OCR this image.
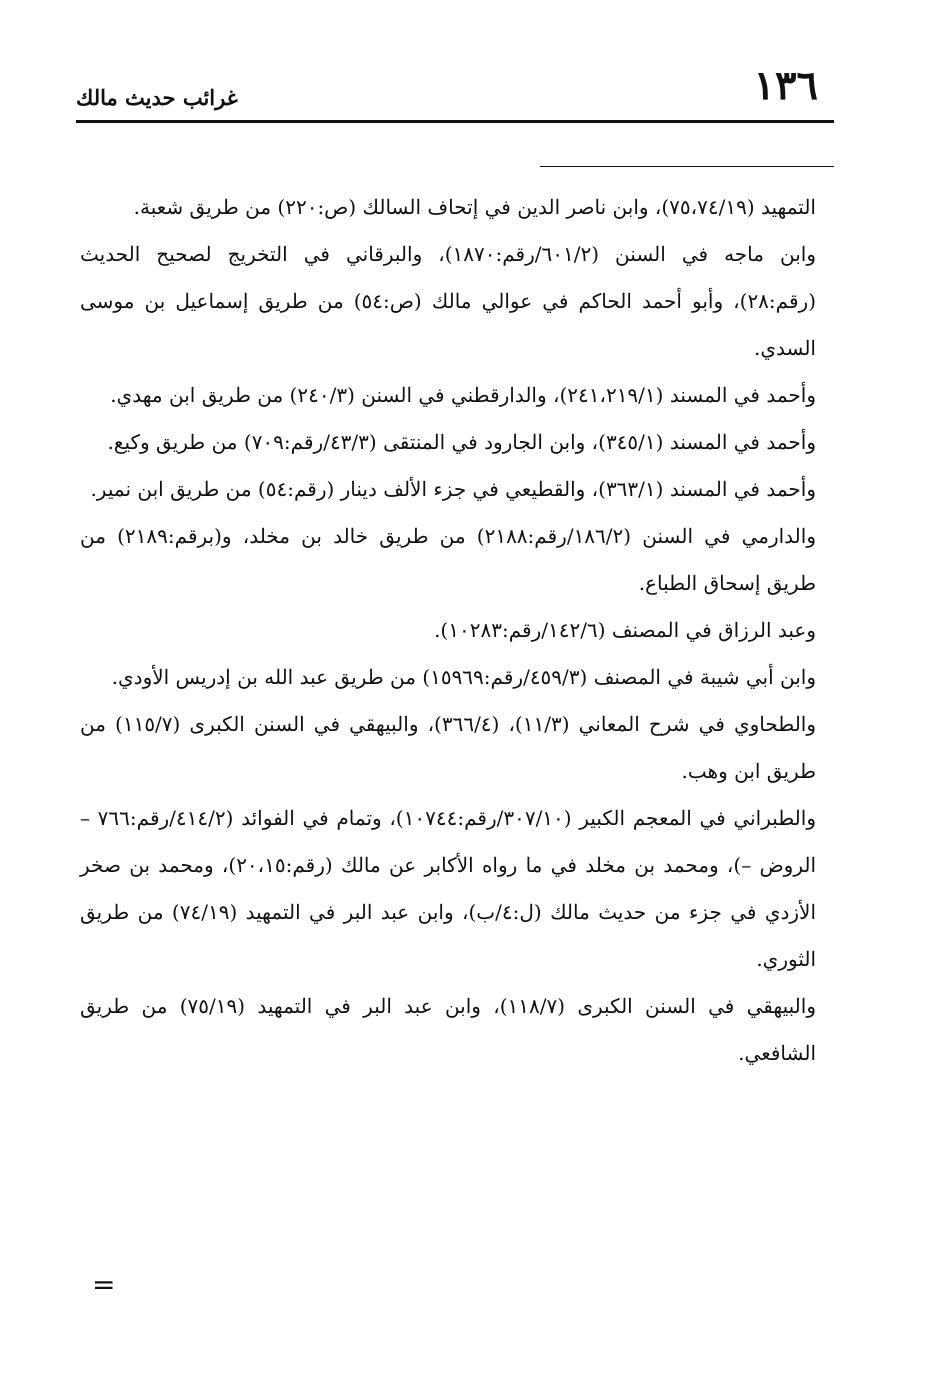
١٣٦
غرائب حديث مالك

التمهيد (٧٥،٧٤/١٩)، وابن ناصر الدين في إتحاف السالك (ص:٢٢٠) من طريق شعبة.

وابن ماجه في السنن (٦٠١/٢/رقم:١٨٧٠)، والبرقاني في التخريج لصحيح الحديث (رقم:٢٨)، وأبو أحمد الحاكم في عوالي مالك (ص:٥٤) من طريق إسماعيل بن موسى السدي.

وأحمد في المسند (٢٤١،٢١٩/١)، والدارقطني في السنن (٢٤٠/٣) من طريق ابن مهدي.

وأحمد في المسند (٣٤٥/١)، وابن الجارود في المنتقى (٤٣/٣/رقم:٧٠٩) من طريق وكيع.

وأحمد في المسند (٣٦٣/١)، والقطيعي في جزء الألف دينار (رقم:٥٤) من طريق ابن نمير.

والدارمي في السنن (١٨٦/٢/رقم:٢١٨٨) من طريق خالد بن مخلد، و(برقم:٢١٨٩) من طريق إسحاق الطباع.

وعبد الرزاق في المصنف (١٤٢/٦/رقم:١٠٢٨٣).

وابن أبي شيبة في المصنف (٤٥٩/٣/رقم:١٥٩٦٩) من طريق عبد الله بن إدريس الأودي.

والطحاوي في شرح المعاني (١١/٣)، (٣٦٦/٤)، والبيهقي في السنن الكبرى (١١٥/٧) من طريق ابن وهب.

والطبراني في المعجم الكبير (٣٠٧/١٠/رقم:١٠٧٤٤)، وتمام في الفوائد (٤١٤/٢/رقم:٧٦٦ – الروض –)، ومحمد بن مخلد في ما رواه الأكابر عن مالك (رقم:٢٠،١٥)، ومحمد بن صخر الأزدي في جزء من حديث مالك (ل:٤/ب)، وابن عبد البر في التمهيد (٧٤/١٩) من طريق الثوري.

والبيهقي في السنن الكبرى (١١٨/٧)، وابن عبد البر في التمهيد (٧٥/١٩) من طريق الشافعي.

=
